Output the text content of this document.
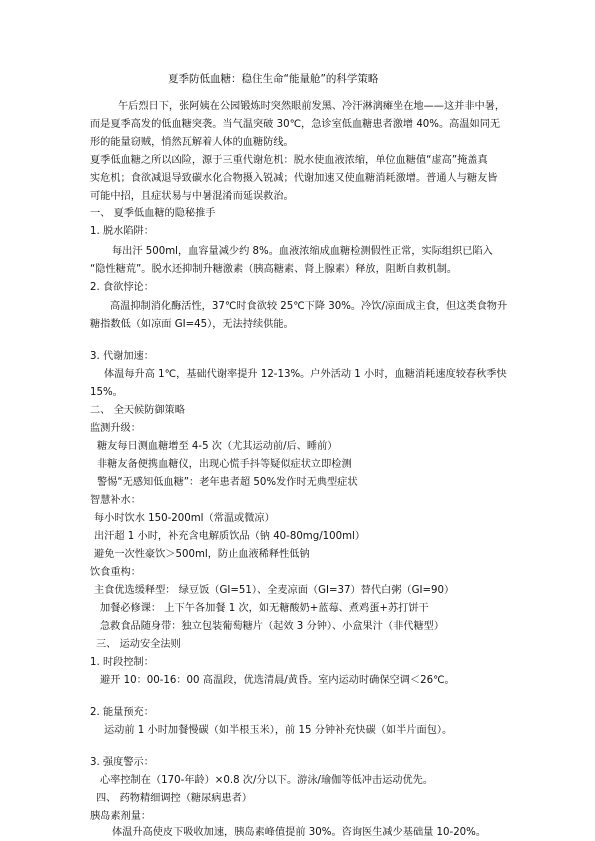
夏季防低血糖：稳住生命“能量舱”的科学策略
午后烈日下，张阿姨在公园锻炼时突然眼前发黑、冷汗淋漓瘫坐在地——这并非中暑，
而是夏季高发的低血糖突袭。当气温突破 30℃，急诊室低血糖患者激增 40%。高温如同无
形的能量窃贼，悄然瓦解着人体的血糖防线。
夏季低血糖之所以凶险，源于三重代谢危机：脱水使血液浓缩，单位血糖值“虚高”掩盖真
实危机；食欲减退导致碳水化合物摄入锐减；代谢加速又使血糖消耗激增。普通人与糖友皆
可能中招，且症状易与中暑混淆而延误救治。
一、 夏季低血糖的隐秘推手
1. 脱水陷阱：
每出汗 500ml，血容量减少约 8%。血液浓缩成血糖检测假性正常，实际组织已陷入
“隐性糖荒”。脱水还抑制升糖激素（胰高糖素、肾上腺素）释放，阻断自救机制。
2. 食欲悖论：
高温抑制消化酶活性，37℃时食欲较 25℃下降 30%。冷饮/凉面成主食，但这类食物升
糖指数低（如凉面 GI=45），无法持续供能。
3. 代谢加速：
体温每升高 1℃，基础代谢率提升 12-13%。户外活动 1 小时，血糖消耗速度较春秋季快
15%。
二、 全天候防御策略
监测升级：
糖友每日测血糖增至 4-5 次（尤其运动前/后、睡前）
非糖友备便携血糖仪，出现心慌手抖等疑似症状立即检测
警惕“无感知低血糖”：老年患者超 50%发作时无典型症状
智慧补水：
每小时饮水 150-200ml（常温或微凉）
出汗超 1 小时，补充含电解质饮品（钠 40-80mg/100ml）
避免一次性豪饮＞500ml，防止血液稀释性低钠
饮食重构：
主食优选缓释型： 绿豆饭（GI=51）、全麦凉面（GI=37）替代白粥（GI=90）
加餐必修课： 上下午各加餐 1 次，如无糖酸奶+蓝莓、煮鸡蛋+苏打饼干
急救食品随身带：独立包装葡萄糖片（起效 3 分钟）、小盒果汁（非代糖型）
三、 运动安全法则
1. 时段控制：
避开 10：00-16：00 高温段，优选清晨/黄昏。室内运动时确保空调＜26℃。
2. 能量预充：
运动前 1 小时加餐慢碳（如半根玉米），前 15 分钟补充快碳（如半片面包）。
3. 强度警示：
心率控制在（170-年龄）×0.8 次/分以下。游泳/瑜伽等低冲击运动优先。
四、 药物精细调控（糖尿病患者）
胰岛素剂量：
体温升高使皮下吸收加速，胰岛素峰值提前 30%。咨询医生减少基础量 10-20%。
